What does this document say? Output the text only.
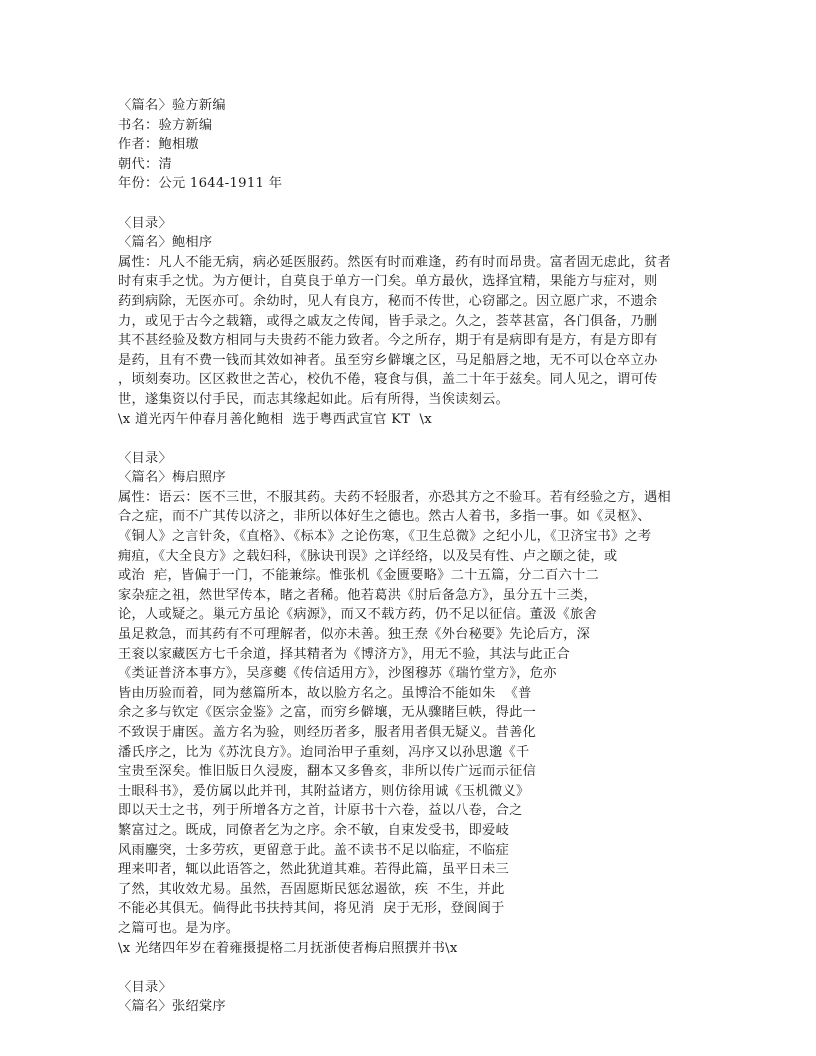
〈篇名〉验方新编
书名：验方新编
作者：鲍相璈
朝代：清
年份：公元 1644-1911 年
〈目录〉
〈篇名〉鲍相序
属性：凡人不能无病，病必延医服药。然医有时而难逢，药有时而昂贵。富者固无虑此，贫者
时有束手之忧。为方便计，自莫良于单方一门矣。单方最伙，选择宜精，果能方与症对，则
药到病除，无医亦可。余幼时，见人有良方，秘而不传世，心窃鄙之。因立愿广求，不遗余
力，或见于古今之载籍，或得之戚友之传闻，皆手录之。久之，荟萃甚富，各门俱备，乃删
其不甚经验及数方相同与夫贵药不能力致者。今之所存，期于有是病即有是方，有是方即有
是药，且有不费一钱而其效如神者。虽至穷乡僻壤之区，马足船唇之地，无不可以仓卒立办
，顷刻奏功。区区救世之苦心，校仇不倦，寝食与俱，盖二十年于兹矣。同人见之，谓可传
世，遂集资以付手民，而志其缘起如此。后有所得，当俟读刻云。
\x 道光丙午仲春月善化鲍相  选于粤西武宣官 KT  \x
〈目录〉
〈篇名〉梅启照序
属性：语云：医不三世，不服其药。夫药不轻服者，亦恐其方之不验耳。若有经验之方，遇相
合之症，而不广其传以济之，非所以体好生之德也。然古人着书，多指一事。如《灵枢》、
《铜人》之言针灸，《直格》、《标本》之论伤寒，《卫生总微》之纪小儿，《卫济宝书》之考
痈疽，《大全良方》之载妇科，《脉诀刊误》之详经络，以及吴有性、卢之颐之徒，或
或治  疟，皆偏于一门，不能兼综。惟张机《金匮要略》二十五篇，分二百六十二
家杂症之祖，然世罕传本，睹之者稀。他若葛洪《肘后备急方》，虽分五十三类，
论，人或疑之。巢元方虽论《病源》，而又不载方药，仍不足以征信。董汲《旅舍
虽足救急，而其药有不可理解者，似亦未善。独王焘《外台秘要》先论后方，深
王衮以家藏医方七千余道，择其精者为《博济方》，用无不验，其法与此正合
《类证普济本事方》，吴彦夔《传信适用方》，沙图穆苏《瑞竹堂方》，危亦
皆由历验而着，同为慈篇所本，故以脸方名之。虽博洽不能如朱  《普
余之多与钦定《医宗金鉴》之富，而穷乡僻壤，无从骤睹巨帙，得此一
不致误于庸医。盖方名为验，则经历者多，服者用者俱无疑义。昔善化
潘氏序之，比为《苏沈良方》。迨同治甲子重刻，冯序又以孙思邈《千
宝贵至深矣。惟旧版日久浸废，翻本又多鲁亥，非所以传广远而示征信
士眼科书》，爰仿属以此并刊，其附益诸方，则仿徐用诚《玉机微义》
即以天士之书，列于所增各方之首，计原书十六卷，益以八卷，合之
繁富过之。既成，同僚者乞为之序。余不敏，自束发受书，即爱岐
风雨鏖突，士多劳疚，更留意于此。盖不读书不足以临症，不临症
理来叩者，辄以此语答之，然此犹道其难。若得此篇，虽平日未三
了然，其收效尤易。虽然，吾固愿斯民惩忿遏欲，疾  不生，并此
不能必其俱无。倘得此书扶持其间，将见消  戾于无形，登阆阆于
之篇可也。是为序。
\x 光绪四年岁在着雍摄提格二月抚浙使者梅启照撰并书\x
〈目录〉
〈篇名〉张绍棠序
